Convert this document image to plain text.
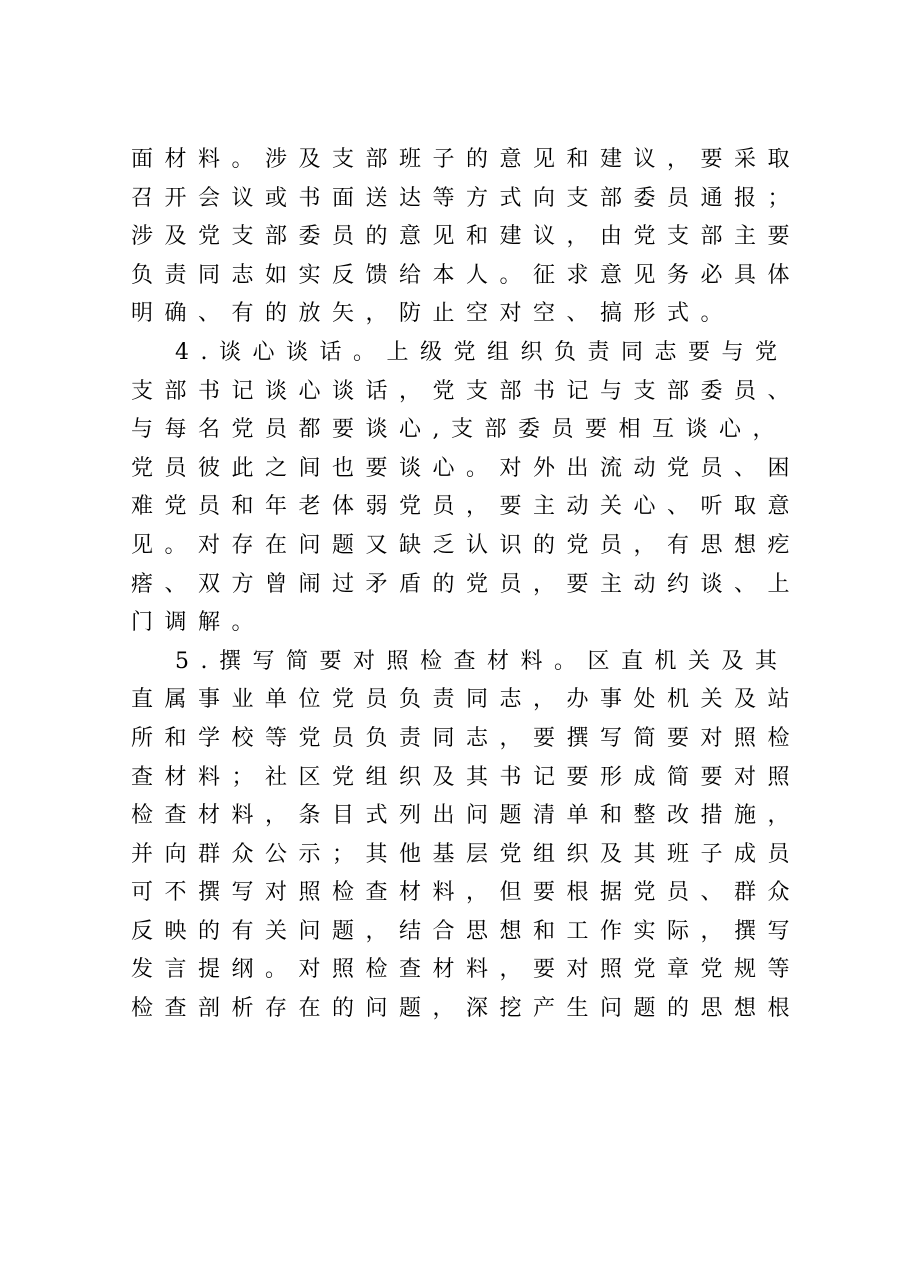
面材料。涉及支部班子的意见和建议，要采取
召开会议或书面送达等方式向支部委员通报；
涉及党支部委员的意见和建议，由党支部主要
负责同志如实反馈给本人。征求意见务必具体
明确、有的放矢，防止空对空、搞形式。
4.谈心谈话。上级党组织负责同志要与党
支部书记谈心谈话，党支部书记与支部委员、
与每名党员都要谈心,支部委员要相互谈心，
党员彼此之间也要谈心。对外出流动党员、困
难党员和年老体弱党员，要主动关心、听取意
见。对存在问题又缺乏认识的党员，有思想疙
瘩、双方曾闹过矛盾的党员，要主动约谈、上
门调解。
5.撰写简要对照检查材料。区直机关及其
直属事业单位党员负责同志，办事处机关及站
所和学校等党员负责同志，要撰写简要对照检
查材料；社区党组织及其书记要形成简要对照
检查材料，条目式列出问题清单和整改措施，
并向群众公示；其他基层党组织及其班子成员
可不撰写对照检查材料，但要根据党员、群众
反映的有关问题，结合思想和工作实际，撰写
发言提纲。对照检查材料，要对照党章党规等
检查剖析存在的问题，深挖产生问题的思想根
